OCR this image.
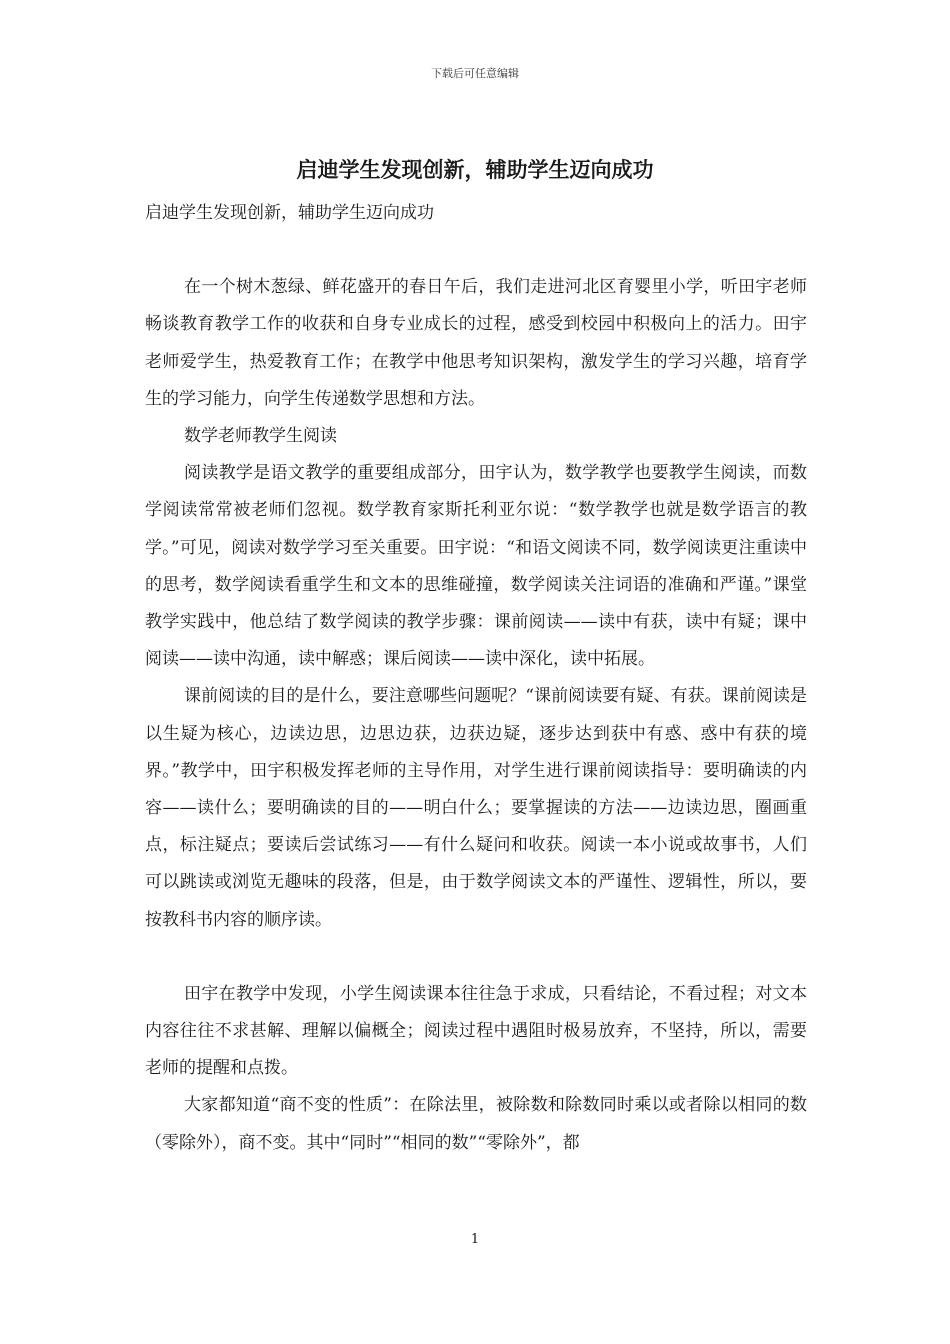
下载后可任意编辑
启迪学生发现创新，辅助学生迈向成功

启迪学生发现创新，辅助学生迈向成功

在一个树木葱绿、鲜花盛开的春日午后，我们走进河北区育婴里小学，听田宇老师畅谈教育教学工作的收获和自身专业成长的过程，感受到校园中积极向上的活力。田宇老师爱学生，热爱教育工作；在教学中他思考知识架构，激发学生的学习兴趣，培育学生的学习能力，向学生传递数学思想和方法。

数学老师教学生阅读

阅读教学是语文教学的重要组成部分，田宇认为，数学教学也要教学生阅读，而数学阅读常常被老师们忽视。数学教育家斯托利亚尔说：“数学教学也就是数学语言的教学。”可见，阅读对数学学习至关重要。田宇说：“和语文阅读不同，数学阅读更注重读中的思考，数学阅读看重学生和文本的思维碰撞，数学阅读关注词语的准确和严谨。”课堂教学实践中，他总结了数学阅读的教学步骤：课前阅读——读中有获，读中有疑；课中阅读——读中沟通，读中解惑；课后阅读——读中深化，读中拓展。

课前阅读的目的是什么，要注意哪些问题呢？“课前阅读要有疑、有获。课前阅读是以生疑为核心，边读边思，边思边获，边获边疑，逐步达到获中有惑、惑中有获的境界。”教学中，田宇积极发挥老师的主导作用，对学生进行课前阅读指导：要明确读的内容——读什么；要明确读的目的——明白什么；要掌握读的方法——边读边思，圈画重点，标注疑点；要读后尝试练习——有什么疑问和收获。阅读一本小说或故事书，人们可以跳读或浏览无趣味的段落，但是，由于数学阅读文本的严谨性、逻辑性，所以，要按教科书内容的顺序读。

田宇在教学中发现，小学生阅读课本往往急于求成，只看结论，不看过程；对文本内容往往不求甚解、理解以偏概全；阅读过程中遇阻时极易放弃，不坚持，所以，需要老师的提醒和点拨。

大家都知道“商不变的性质”：在除法里，被除数和除数同时乘以或者除以相同的数（零除外），商不变。其中“同时”“相同的数”“零除外”，都

1
